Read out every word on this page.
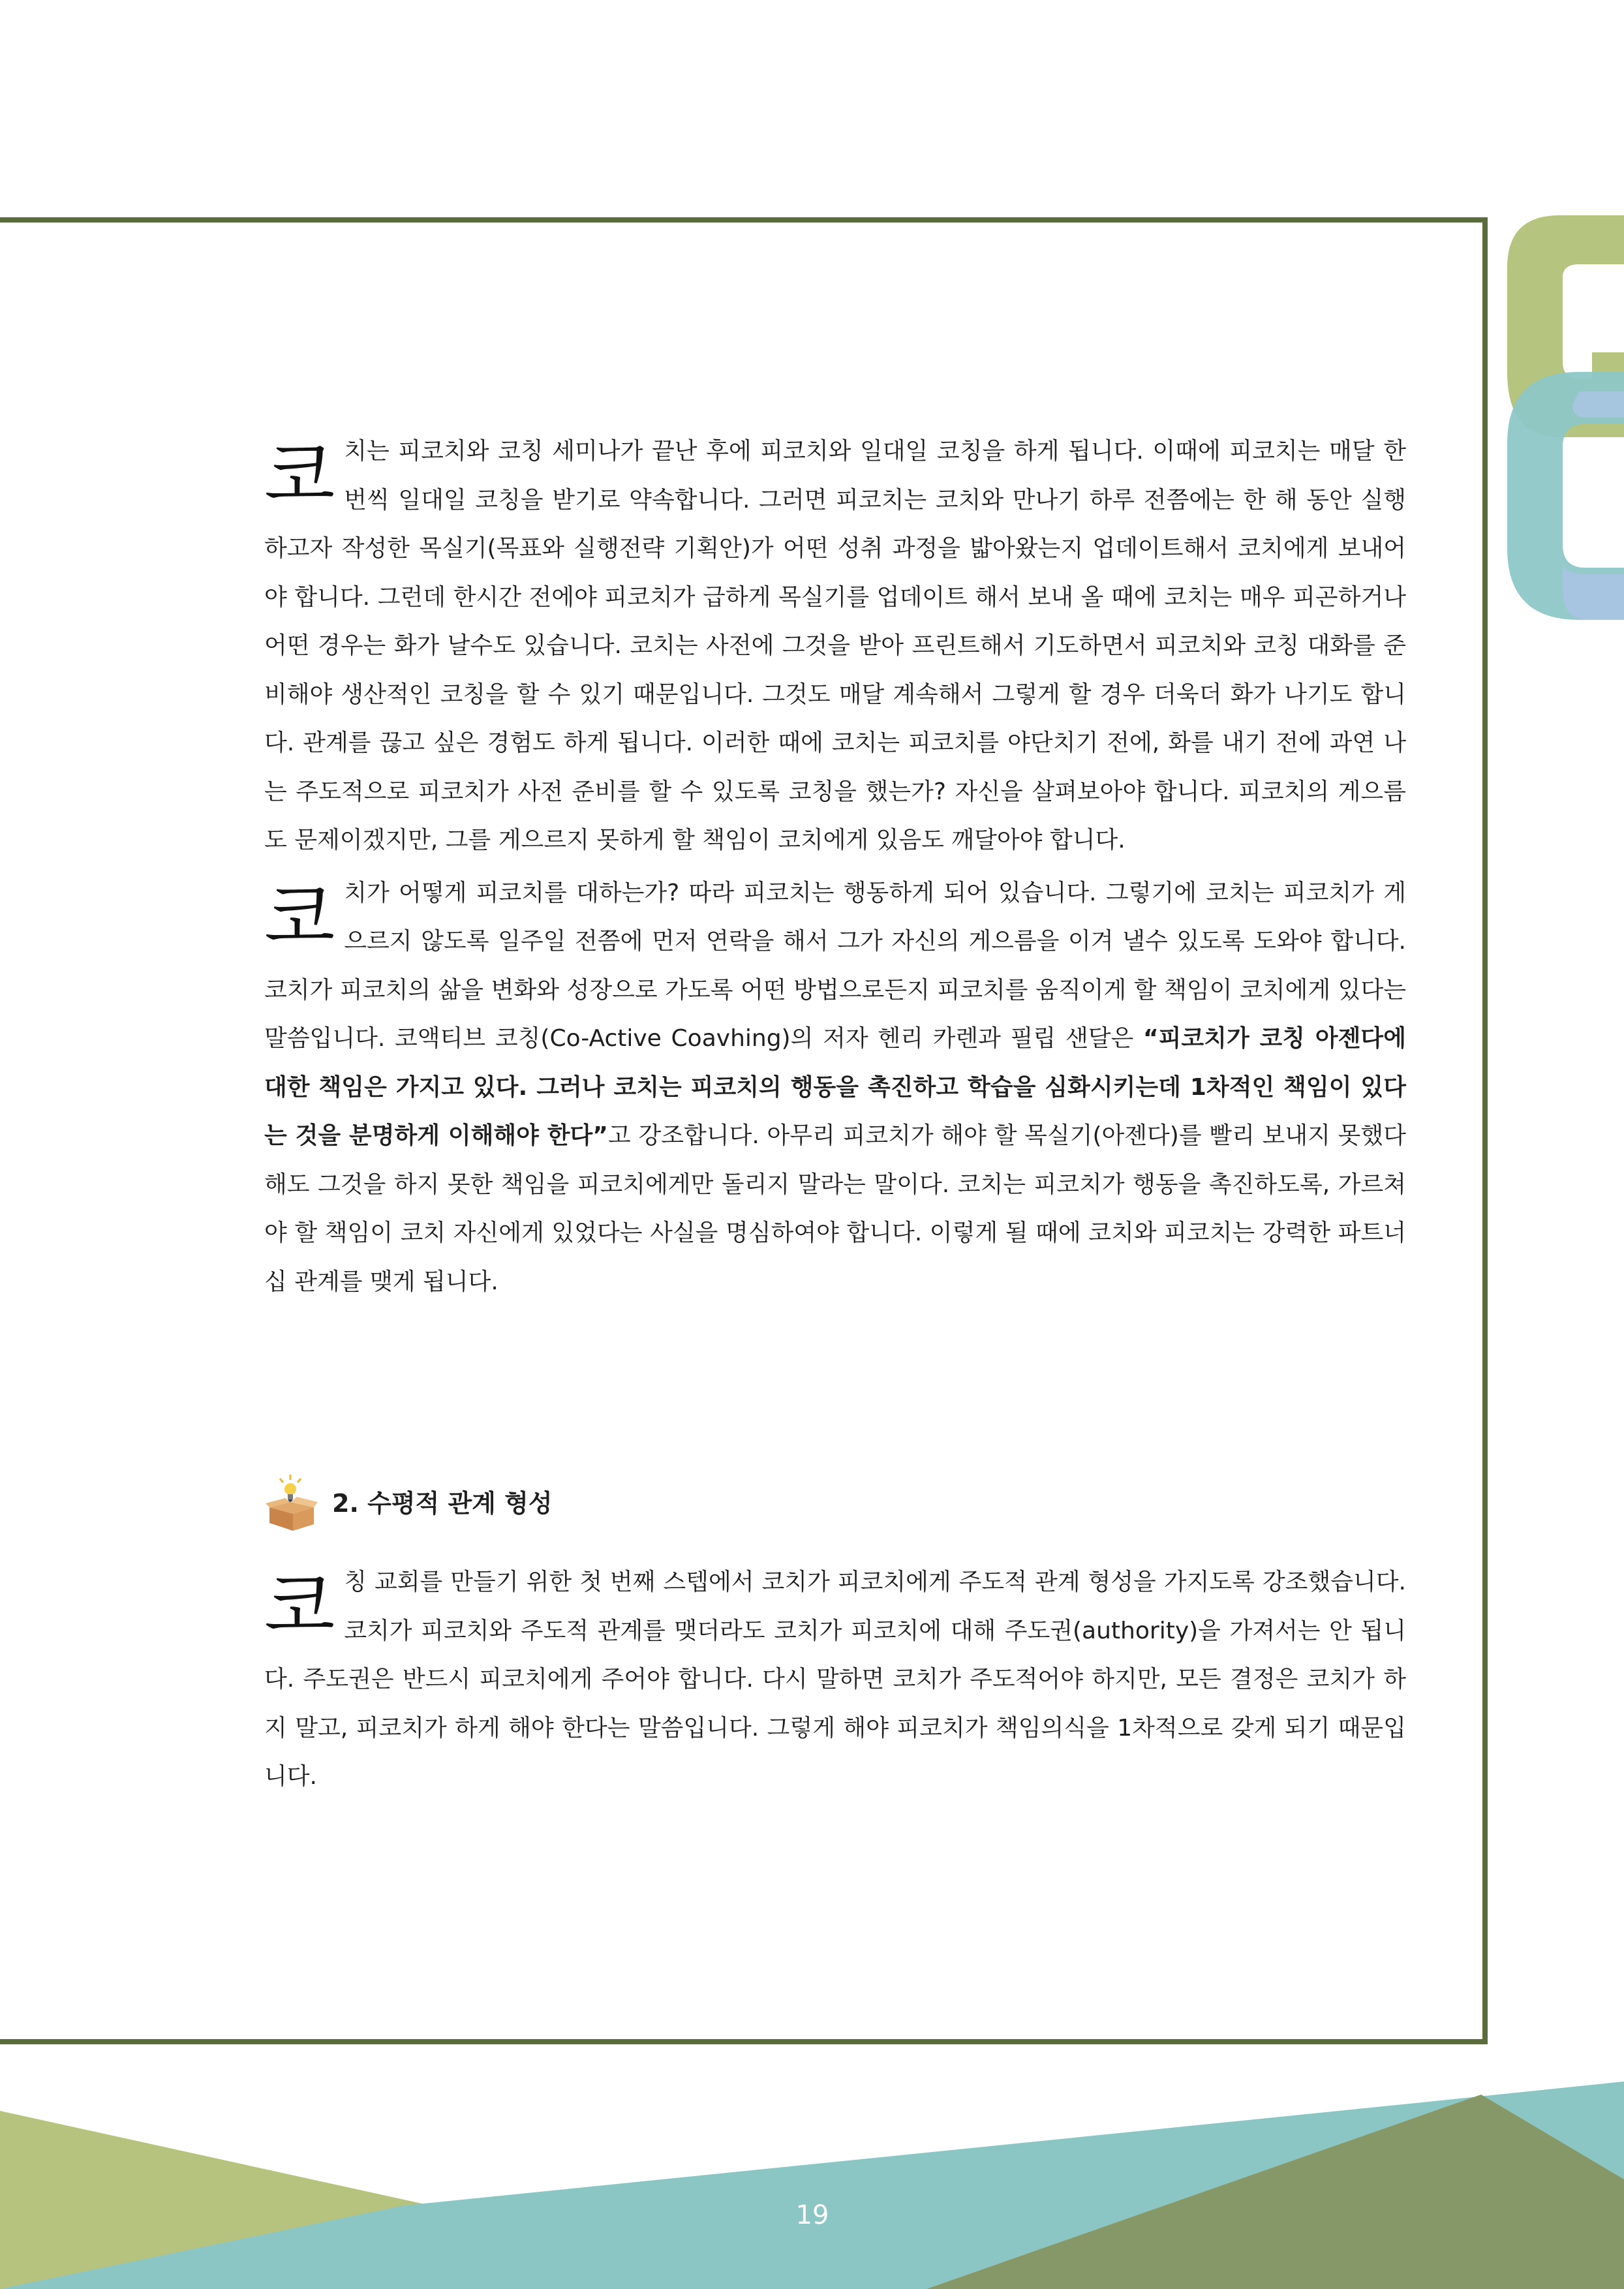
코 치는 피코치와 코칭 세미나가 끝난 후에 피코치와 일대일 코칭을 하게 됩니다. 이때에 피코치는 매달 한번씩 일대일 코칭을 받기로 약속합니다. 그러면 피코치는 코치와 만나기 하루 전쯤에는 한 해 동안 실행하고자 작성한 목실기(목표와 실행전략 기획안)가 어떤 성취 과정을 밟아왔는지 업데이트해서 코치에게 보내어야 합니다. 그런데 한시간 전에야 피코치가 급하게 목실기를 업데이트 해서 보내 올 때에 코치는 매우 피곤하거나 어떤 경우는 화가 날수도 있습니다. 코치는 사전에 그것을 받아 프린트해서 기도하면서 피코치와 코칭 대화를 준비해야 생산적인 코칭을 할 수 있기 때문입니다. 그것도 매달 계속해서 그렇게 할 경우 더욱더 화가 나기도 합니다. 관계를 끊고 싶은 경험도 하게 됩니다. 이러한 때에 코치는 피코치를 야단치기 전에, 화를 내기 전에 과연 나는 주도적으로 피코치가 사전 준비를 할 수 있도록 코칭을 했는가? 자신을 살펴보아야 합니다. 피코치의 게으름도 문제이겠지만, 그를 게으르지 못하게 할 책임이 코치에게 있음도 깨달아야 합니다.

코 치가 어떻게 피코치를 대하는가? 따라 피코치는 행동하게 되어 있습니다. 그렇기에 코치는 피코치가 게으르지 않도록 일주일 전쯤에 먼저 연락을 해서 그가 자신의 게으름을 이겨 낼수 있도록 도와야 합니다. 코치가 피코치의 삶을 변화와 성장으로 가도록 어떤 방법으로든지 피코치를 움직이게 할 책임이 코치에게 있다는 말씀입니다. 코액티브 코칭(Co-Active Coavhing)의 저자 헨리 카렌과 필립 샌달은 “피코치가 코칭 아젠다에 대한 책임은 가지고 있다. 그러나 코치는 피코치의 행동을 촉진하고 학습을 심화시키는데 1차적인 책임이 있다는 것을 분명하게 이해해야 한다”고 강조합니다. 아무리 피코치가 해야 할 목실기(아젠다)를 빨리 보내지 못했다 해도 그것을 하지 못한 책임을 피코치에게만 돌리지 말라는 말이다. 코치는 피코치가 행동을 촉진하도록, 가르쳐야 할 책임이 코치 자신에게 있었다는 사실을 명심하여야 합니다. 이렇게 될 때에 코치와 피코치는 강력한 파트너십 관계를 맺게 됩니다.

2. 수평적 관계 형성

코 칭 교회를 만들기 위한 첫 번째 스텝에서 코치가 피코치에게 주도적 관계 형성을 가지도록 강조했습니다. 코치가 피코치와 주도적 관계를 맺더라도 코치가 피코치에 대해 주도권(authority)을 가져서는 안 됩니다. 주도권은 반드시 피코치에게 주어야 합니다. 다시 말하면 코치가 주도적어야 하지만, 모든 결정은 코치가 하지 말고, 피코치가 하게 해야 한다는 말씀입니다. 그렇게 해야 피코치가 책임의식을 1차적으로 갖게 되기 때문입니다.

19
